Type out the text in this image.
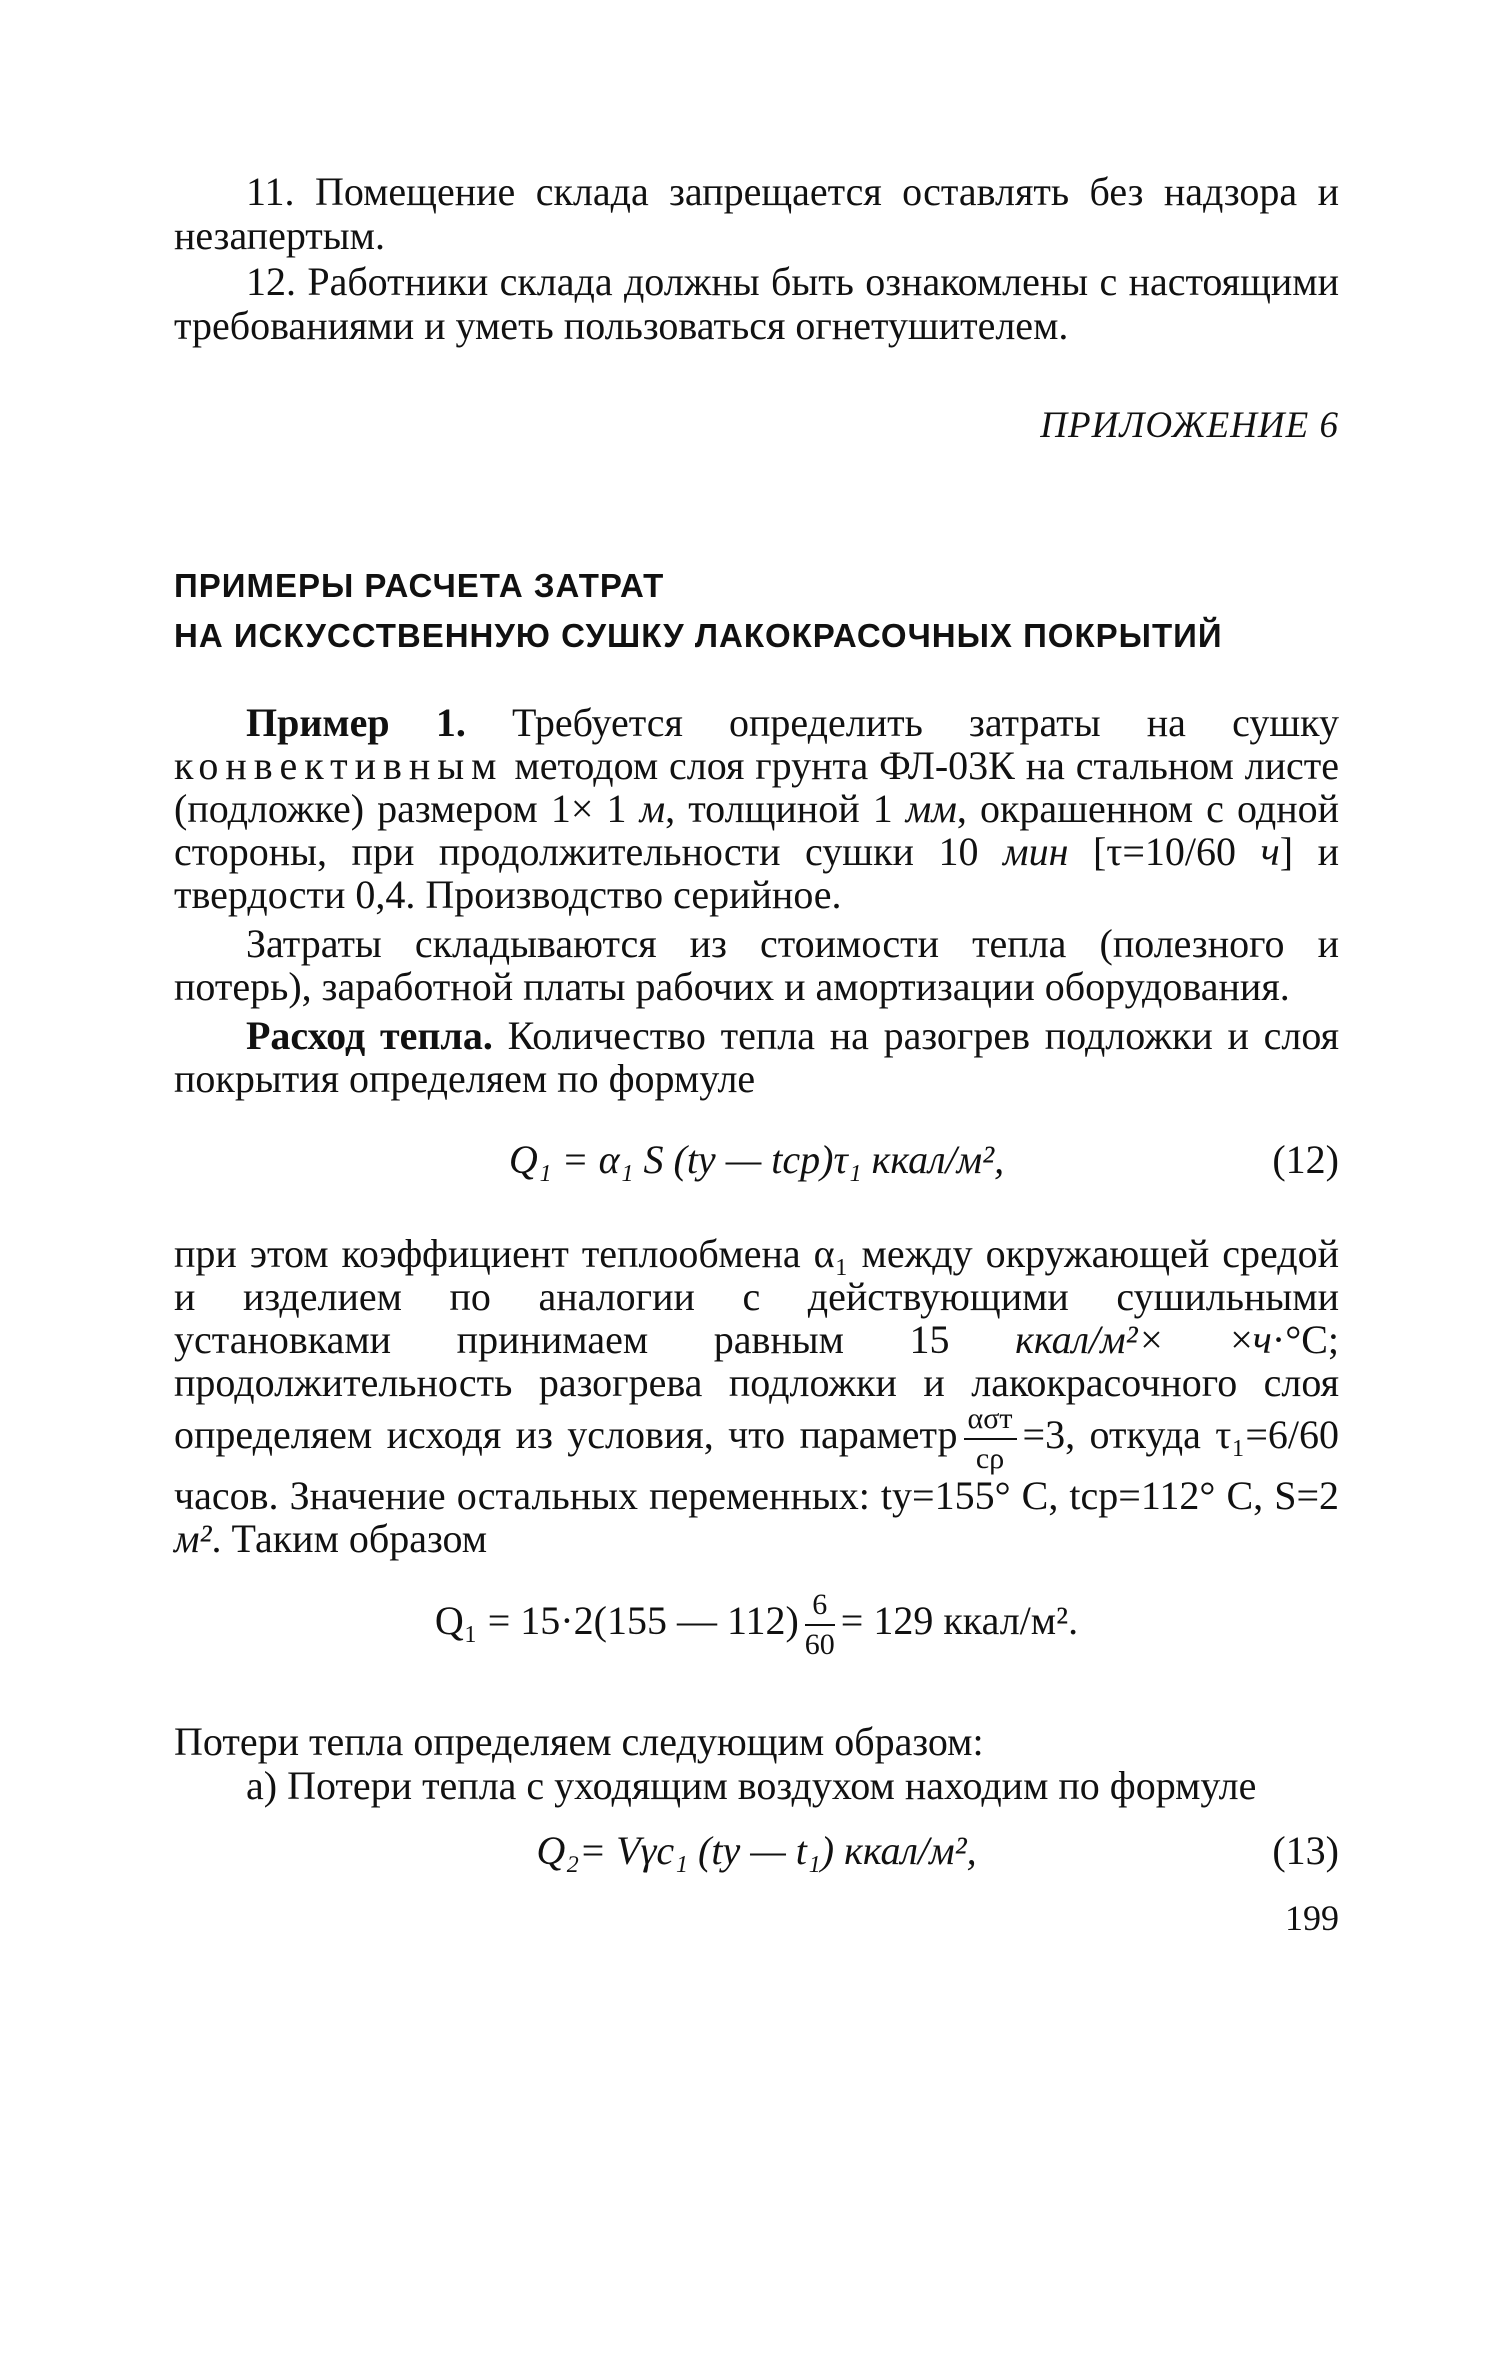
11. Помещение склада запрещается оставлять без надзора и незапертым.

12. Работники склада должны быть ознакомлены с настоящими требованиями и уметь пользоваться огнетушителем.

ПРИЛОЖЕНИЕ 6

ПРИМЕРЫ РАСЧЕТА ЗАТРАТ
НА ИСКУССТВЕННУЮ СУШКУ ЛАКОКРАСОЧНЫХ ПОКРЫТИЙ

Пример 1. Требуется определить затраты на сушку конвективным методом слоя грунта ФЛ-03К на стальном листе (подложке) размером 1× 1 м, толщиной 1 мм, окрашенном с одной стороны, при продолжительности сушки 10 мин [τ=10/60 ч] и твердости 0,4. Производство серийное.

Затраты складываются из стоимости тепла (полезного и потерь), заработной платы рабочих и амортизации оборудования.

Расход тепла. Количество тепла на разогрев подложки и слоя покрытия определяем по формуле

Q₁ = α₁ S (tу — tср)τ₁ ккал/м²,	(12)

при этом коэффициент теплообмена α₁ между окружающей средой и изделием по аналогии с действующими сушильными установками принимаем равным 15 ккал/м²× ×ч·°С; продолжительность разогрева подложки и лакокрасочного слоя определяем исходя из условия, что параметр $\frac{\text{ασт}}{c\rho} =3$, откуда τ₁=6/60 часов. Значение остальных переменных: tу=155° С, tср=112° С, S=2 м². Таким образом

Q₁ = 15·2(155 — $112) \frac{6}{60} = 129$ ккал/м².

Потери тепла определяем следующим образом:

а) Потери тепла с уходящим воздухом находим по формуле

Q₂= Vγc₁ (tу — t₁) ккал/м²,	(13)
199
